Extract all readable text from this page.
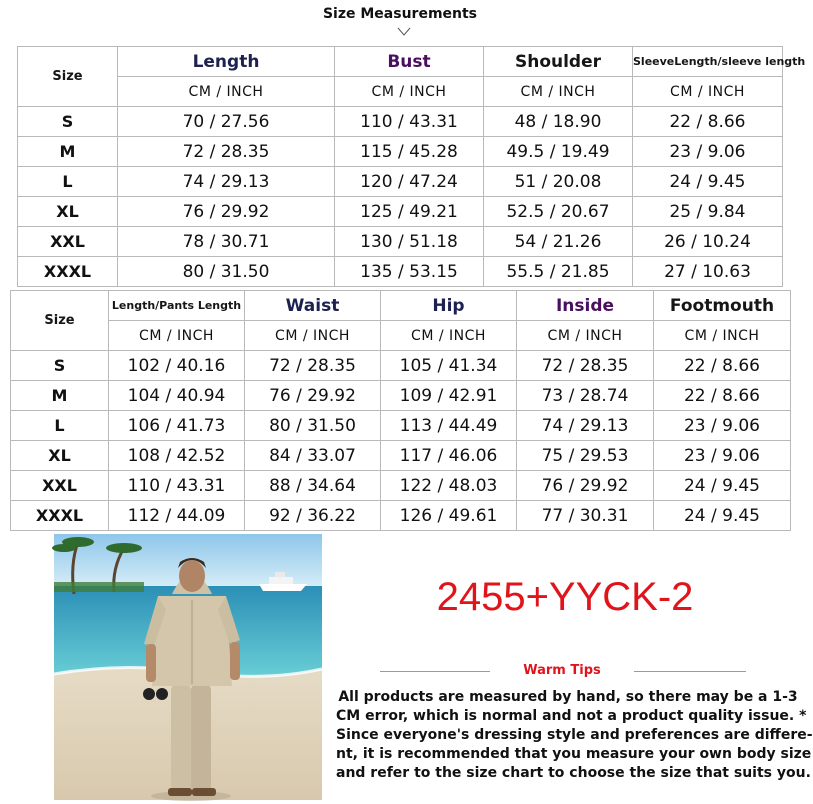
Size Measurements
Size	Length	Bust	Shoulder	SleeveLength/sleeve length
	CM / INCH	CM / INCH	CM / INCH	CM / INCH
S	70 / 27.56	110 / 43.31	48 / 18.90	22 / 8.66
M	72 / 28.35	115 / 45.28	49.5 / 19.49	23 / 9.06
L	74 / 29.13	120 / 47.24	51 / 20.08	24 / 9.45
XL	76 / 29.92	125 / 49.21	52.5 / 20.67	25 / 9.84
XXL	78 / 30.71	130 / 51.18	54 / 21.26	26 / 10.24
XXXL	80 / 31.50	135 / 53.15	55.5 / 21.85	27 / 10.63
Size	Length/Pants Length	Waist	Hip	Inside	Footmouth
	CM / INCH	CM / INCH	CM / INCH	CM / INCH	CM / INCH
S	102 / 40.16	72 / 28.35	105 / 41.34	72 / 28.35	22 / 8.66
M	104 / 40.94	76 / 29.92	109 / 42.91	73 / 28.74	22 / 8.66
L	106 / 41.73	80 / 31.50	113 / 44.49	74 / 29.13	23 / 9.06
XL	108 / 42.52	84 / 33.07	117 / 46.06	75 / 29.53	23 / 9.06
XXL	110 / 43.31	88 / 34.64	122 / 48.03	76 / 29.92	24 / 9.45
XXXL	112 / 44.09	92 / 36.22	126 / 49.61	77 / 30.31	24 / 9.45
2455+YYCK-2
Warm Tips
All products are measured by hand, so there may be a 1-3
CM error, which is normal and not a product quality issue. *
Since everyone's dressing style and preferences are differe-
nt, it is recommended that you measure your own body size
and refer to the size chart to choose the size that suits you.
